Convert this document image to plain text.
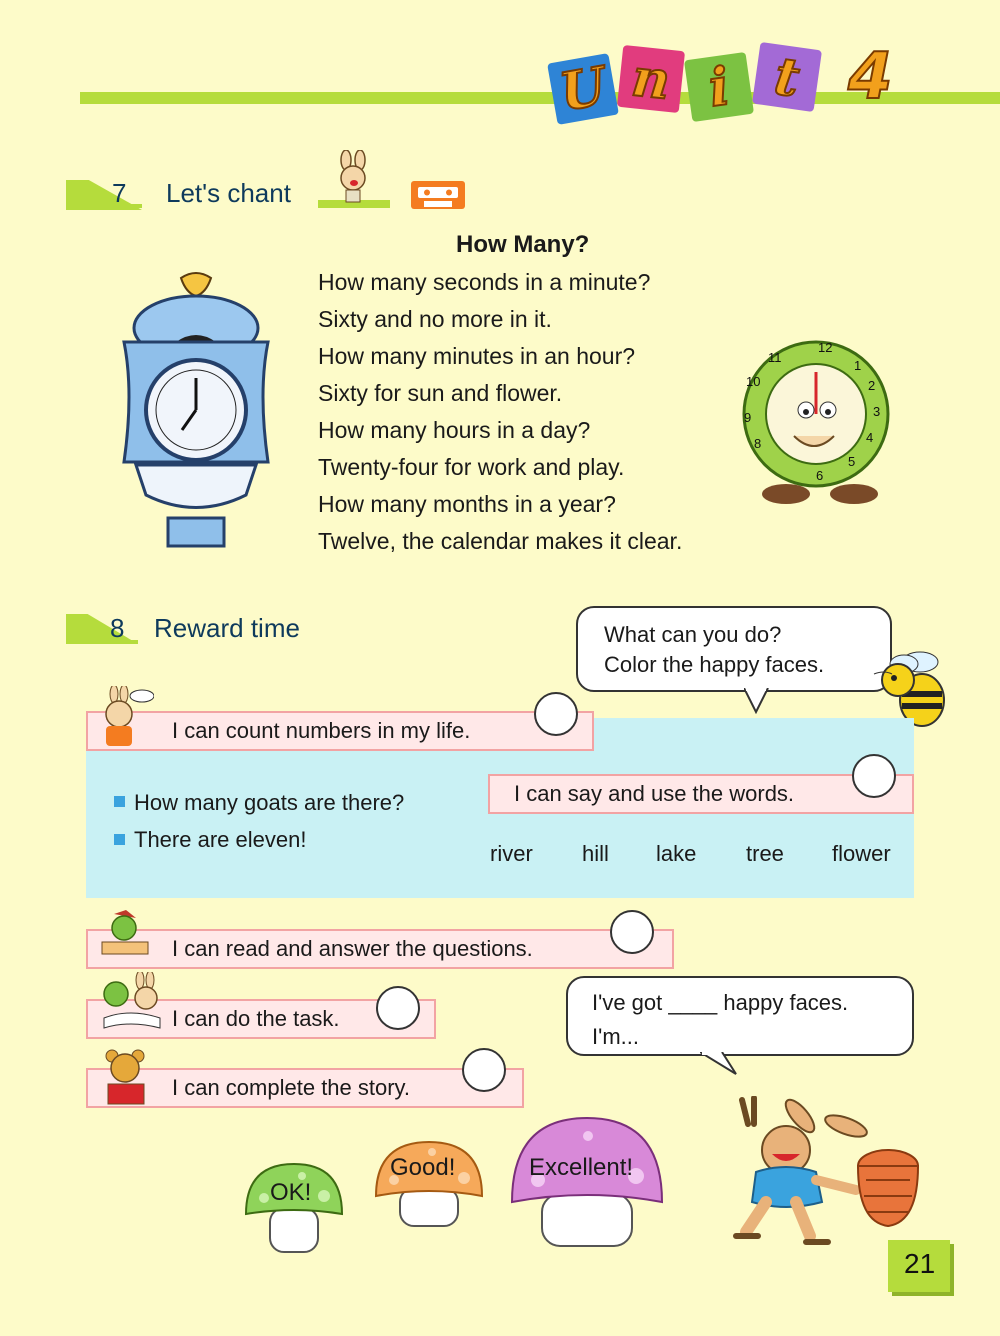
U n i t 4
7 Let's chant
How Many?
How many seconds in a minute?
Sixty and no more in it.
How many minutes in an hour?
Sixty for sun and flower.
How many hours in a day?
Twenty-four for work and play.
How many months in a year?
Twelve, the calendar makes it clear.
12
1
2
3
4
5
6
8
9
10
11
8 Reward time	What can you do?
Color the happy faces.
I can count numbers in my life.
How many goats are there?
There are eleven!
I can say and use the words.
river hill lake tree flower
I can read and answer the questions.
I can do the task.
I've got ____ happy faces.
I'm...
I can complete the story.
OK!
Good!	Excellent!
21
